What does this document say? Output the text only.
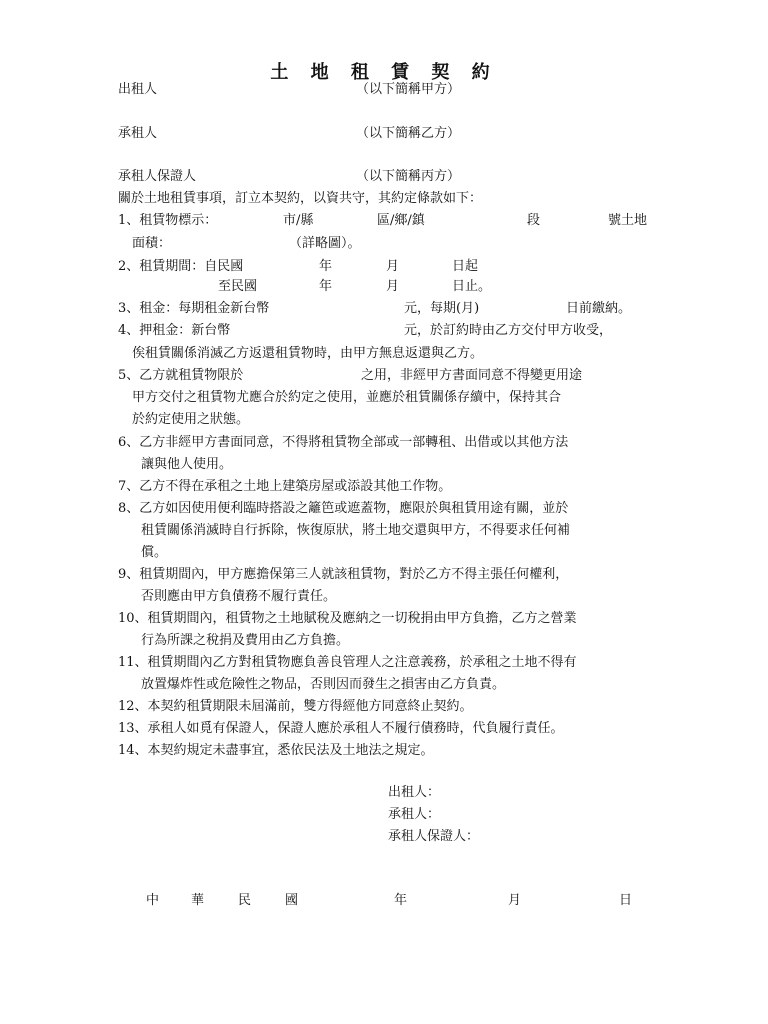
土 地 租 賃 契 約
出租人	（以下簡稱甲方）
承租人	（以下簡稱乙方）
承租人保證人	（以下簡稱丙方）
關於土地租賃事項，訂立本契約，以資共守，其約定條款如下：
1、租賃物標示：	市/縣	區/鄉/鎮	段	號土地
面積：	（詳略圖）。
2、租賃期間：自民國	年	月	日起
至民國	年	月	日止。
3、租金：每期租金新台幣	元，每期(月)	日前繳納。
4、押租金：新台幣	元，於訂約時由乙方交付甲方收受，
俟租賃關係消滅乙方返還租賃物時，由甲方無息返還與乙方。
5、乙方就租賃物限於	之用，非經甲方書面同意不得變更用途
甲方交付之租賃物尤應合於約定之使用，並應於租賃關係存續中，保持其合
於約定使用之狀態。
6、乙方非經甲方書面同意，不得將租賃物全部或一部轉租、出借或以其他方法
讓與他人使用。
7、乙方不得在承租之土地上建築房屋或添設其他工作物。
8、乙方如因使用便利臨時搭設之籬笆或遮蓋物，應限於與租賃用途有關，並於
租賃關係消滅時自行拆除，恢復原狀，將土地交還與甲方，不得要求任何補
償。
9、租賃期間內，甲方應擔保第三人就該租賃物，對於乙方不得主張任何權利，
否則應由甲方負債務不履行責任。
10、租賃期間內，租賃物之土地賦稅及應納之一切稅捐由甲方負擔，乙方之營業
行為所課之稅捐及費用由乙方負擔。
11、租賃期間內乙方對租賃物應負善良管理人之注意義務，於承租之土地不得有
放置爆炸性或危險性之物品，否則因而發生之損害由乙方負責。
12、本契約租賃期限未屆滿前，雙方得經他方同意終止契約。
13、承租人如覓有保證人，保證人應於承租人不履行債務時，代負履行責任。
14、本契約規定未盡事宜，悉依民法及土地法之規定。
出租人：
承租人：
承租人保證人：
中 華	民	國	年	月	日
